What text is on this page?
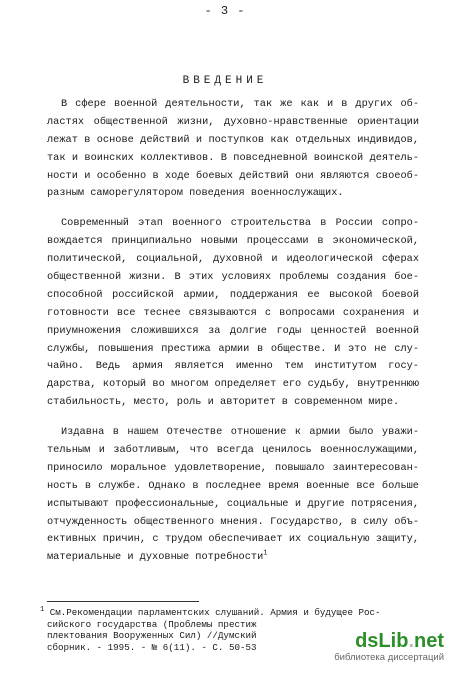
- 3 -
ВВЕДЕНИЕ
В сфере военной деятельности, так же как и в других об-
ластях общественной жизни, духовно-нравственные ориентации
лежат в основе действий и поступков как отдельных индивидов,
так и воинских коллективов. В повседневной воинской деятель-
ности и особенно в ходе боевых действий они являются своеоб-
разным саморегулятором поведения военнослужащих.
Современный этап военного строительства в России сопро-
вождается принципиально новыми процессами в экономической,
политической, социальной, духовной и идеологической сферах
общественной жизни. В этих условиях проблемы создания бое-
способной российской армии, поддержания ее высокой боевой
готовности все теснее связываются с вопросами сохранения и
приумножения сложившихся за долгие годы ценностей военной
службы, повышения престижа армии в обществе. И это не слу-
чайно. Ведь армия является именно тем институтом госу-
дарства, который во многом определяет его судьбу, внутреннюю
стабильность, место, роль и авторитет в современном мире.
Издавна в нашем Отечестве отношение к армии было уважи-
тельным и заботливым, что всегда ценилось военнослужащими,
приносило моральное удовлетворение, повышало заинтересован-
ность в службе. Однако в последнее время военные все больше
испытывают профессиональные, социальные и другие потрясения,
отчужденность общественного мнения. Государство, в силу объ-
ективных причин, с трудом обеспечивает их социальную защиту,
материальные и духовные потребности$^1$
$^1$ См.Рекомендации парламентских слушаний. Армия и будущее Рос-
сийского государства (Проблемы престиж
плектования Вооруженных Сил) //Думский
сборник. - 1995. - № 6(11). - С. 50-53	dsLib.net
библиотека диссертаций
